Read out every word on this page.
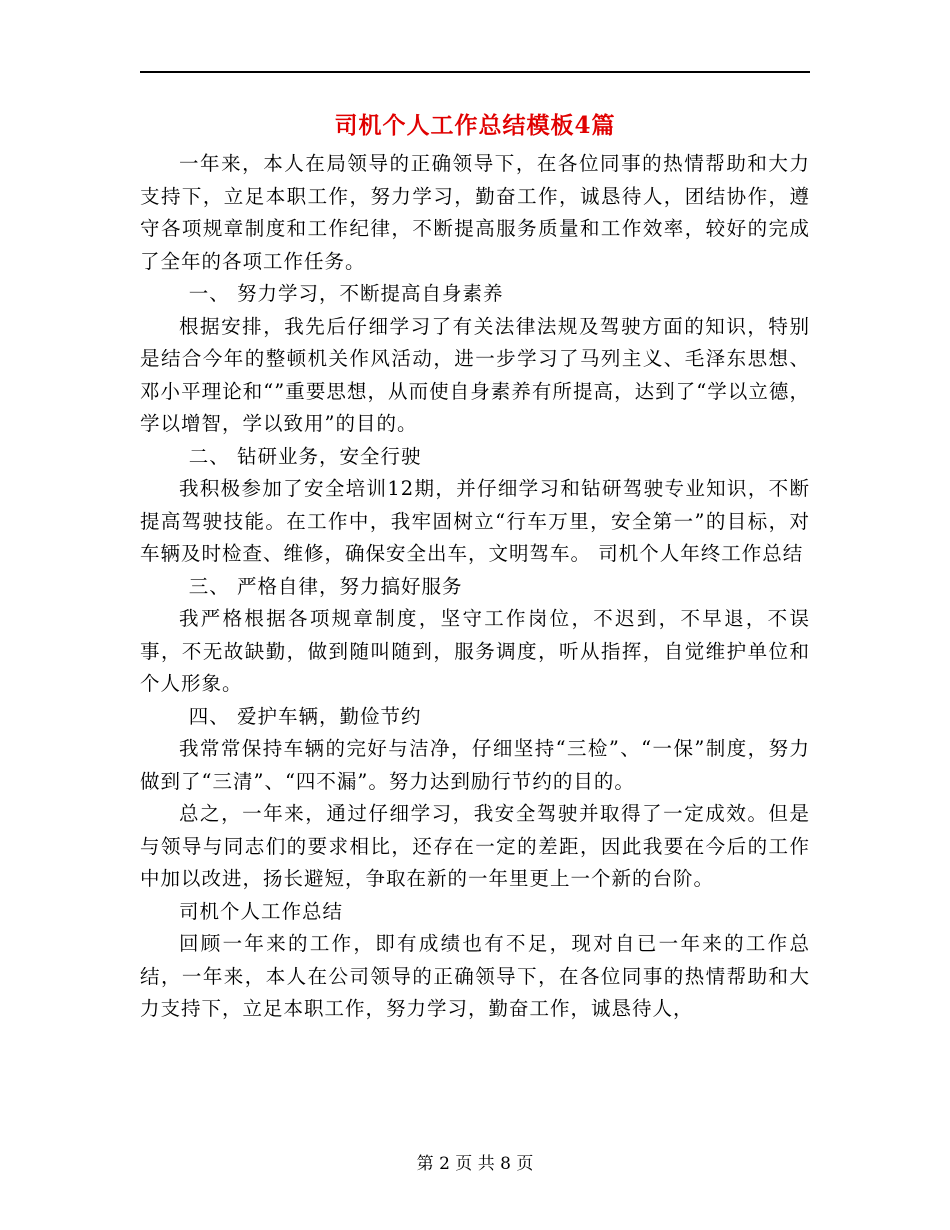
司机个人工作总结模板4篇

一年来，本人在局领导的正确领导下，在各位同事的热情帮助和大力支持下，立足本职工作，努力学习，勤奋工作，诚恳待人，团结协作，遵守各项规章制度和工作纪律，不断提高服务质量和工作效率，较好的完成了全年的各项工作任务。

一、 努力学习，不断提高自身素养

根据安排，我先后仔细学习了有关法律法规及驾驶方面的知识，特别是结合今年的整顿机关作风活动，进一步学习了马列主义、毛泽东思想、邓小平理论和“”重要思想，从而使自身素养有所提高，达到了“学以立德，学以增智，学以致用”的目的。

二、 钻研业务，安全行驶

我积极参加了安全培训12期，并仔细学习和钻研驾驶专业知识，不断提高驾驶技能。在工作中，我牢固树立“行车万里，安全第一”的目标，对车辆及时检查、维修，确保安全出车，文明驾车。 司机个人年终工作总结

三、 严格自律，努力搞好服务

我严格根据各项规章制度，坚守工作岗位，不迟到，不早退，不误事，不无故缺勤，做到随叫随到，服务调度，听从指挥，自觉维护单位和个人形象。

四、 爱护车辆，勤俭节约

我常常保持车辆的完好与洁净，仔细坚持“三检”、“一保”制度，努力做到了“三清”、“四不漏”。努力达到励行节约的目的。

总之，一年来，通过仔细学习，我安全驾驶并取得了一定成效。但是与领导与同志们的要求相比，还存在一定的差距，因此我要在今后的工作中加以改进，扬长避短，争取在新的一年里更上一个新的台阶。

司机个人工作总结

回顾一年来的工作，即有成绩也有不足，现对自已一年来的工作总结，一年来，本人在公司领导的正确领导下，在各位同事的热情帮助和大力支持下，立足本职工作，努力学习，勤奋工作，诚恳待人，

第 2 页 共 8 页
